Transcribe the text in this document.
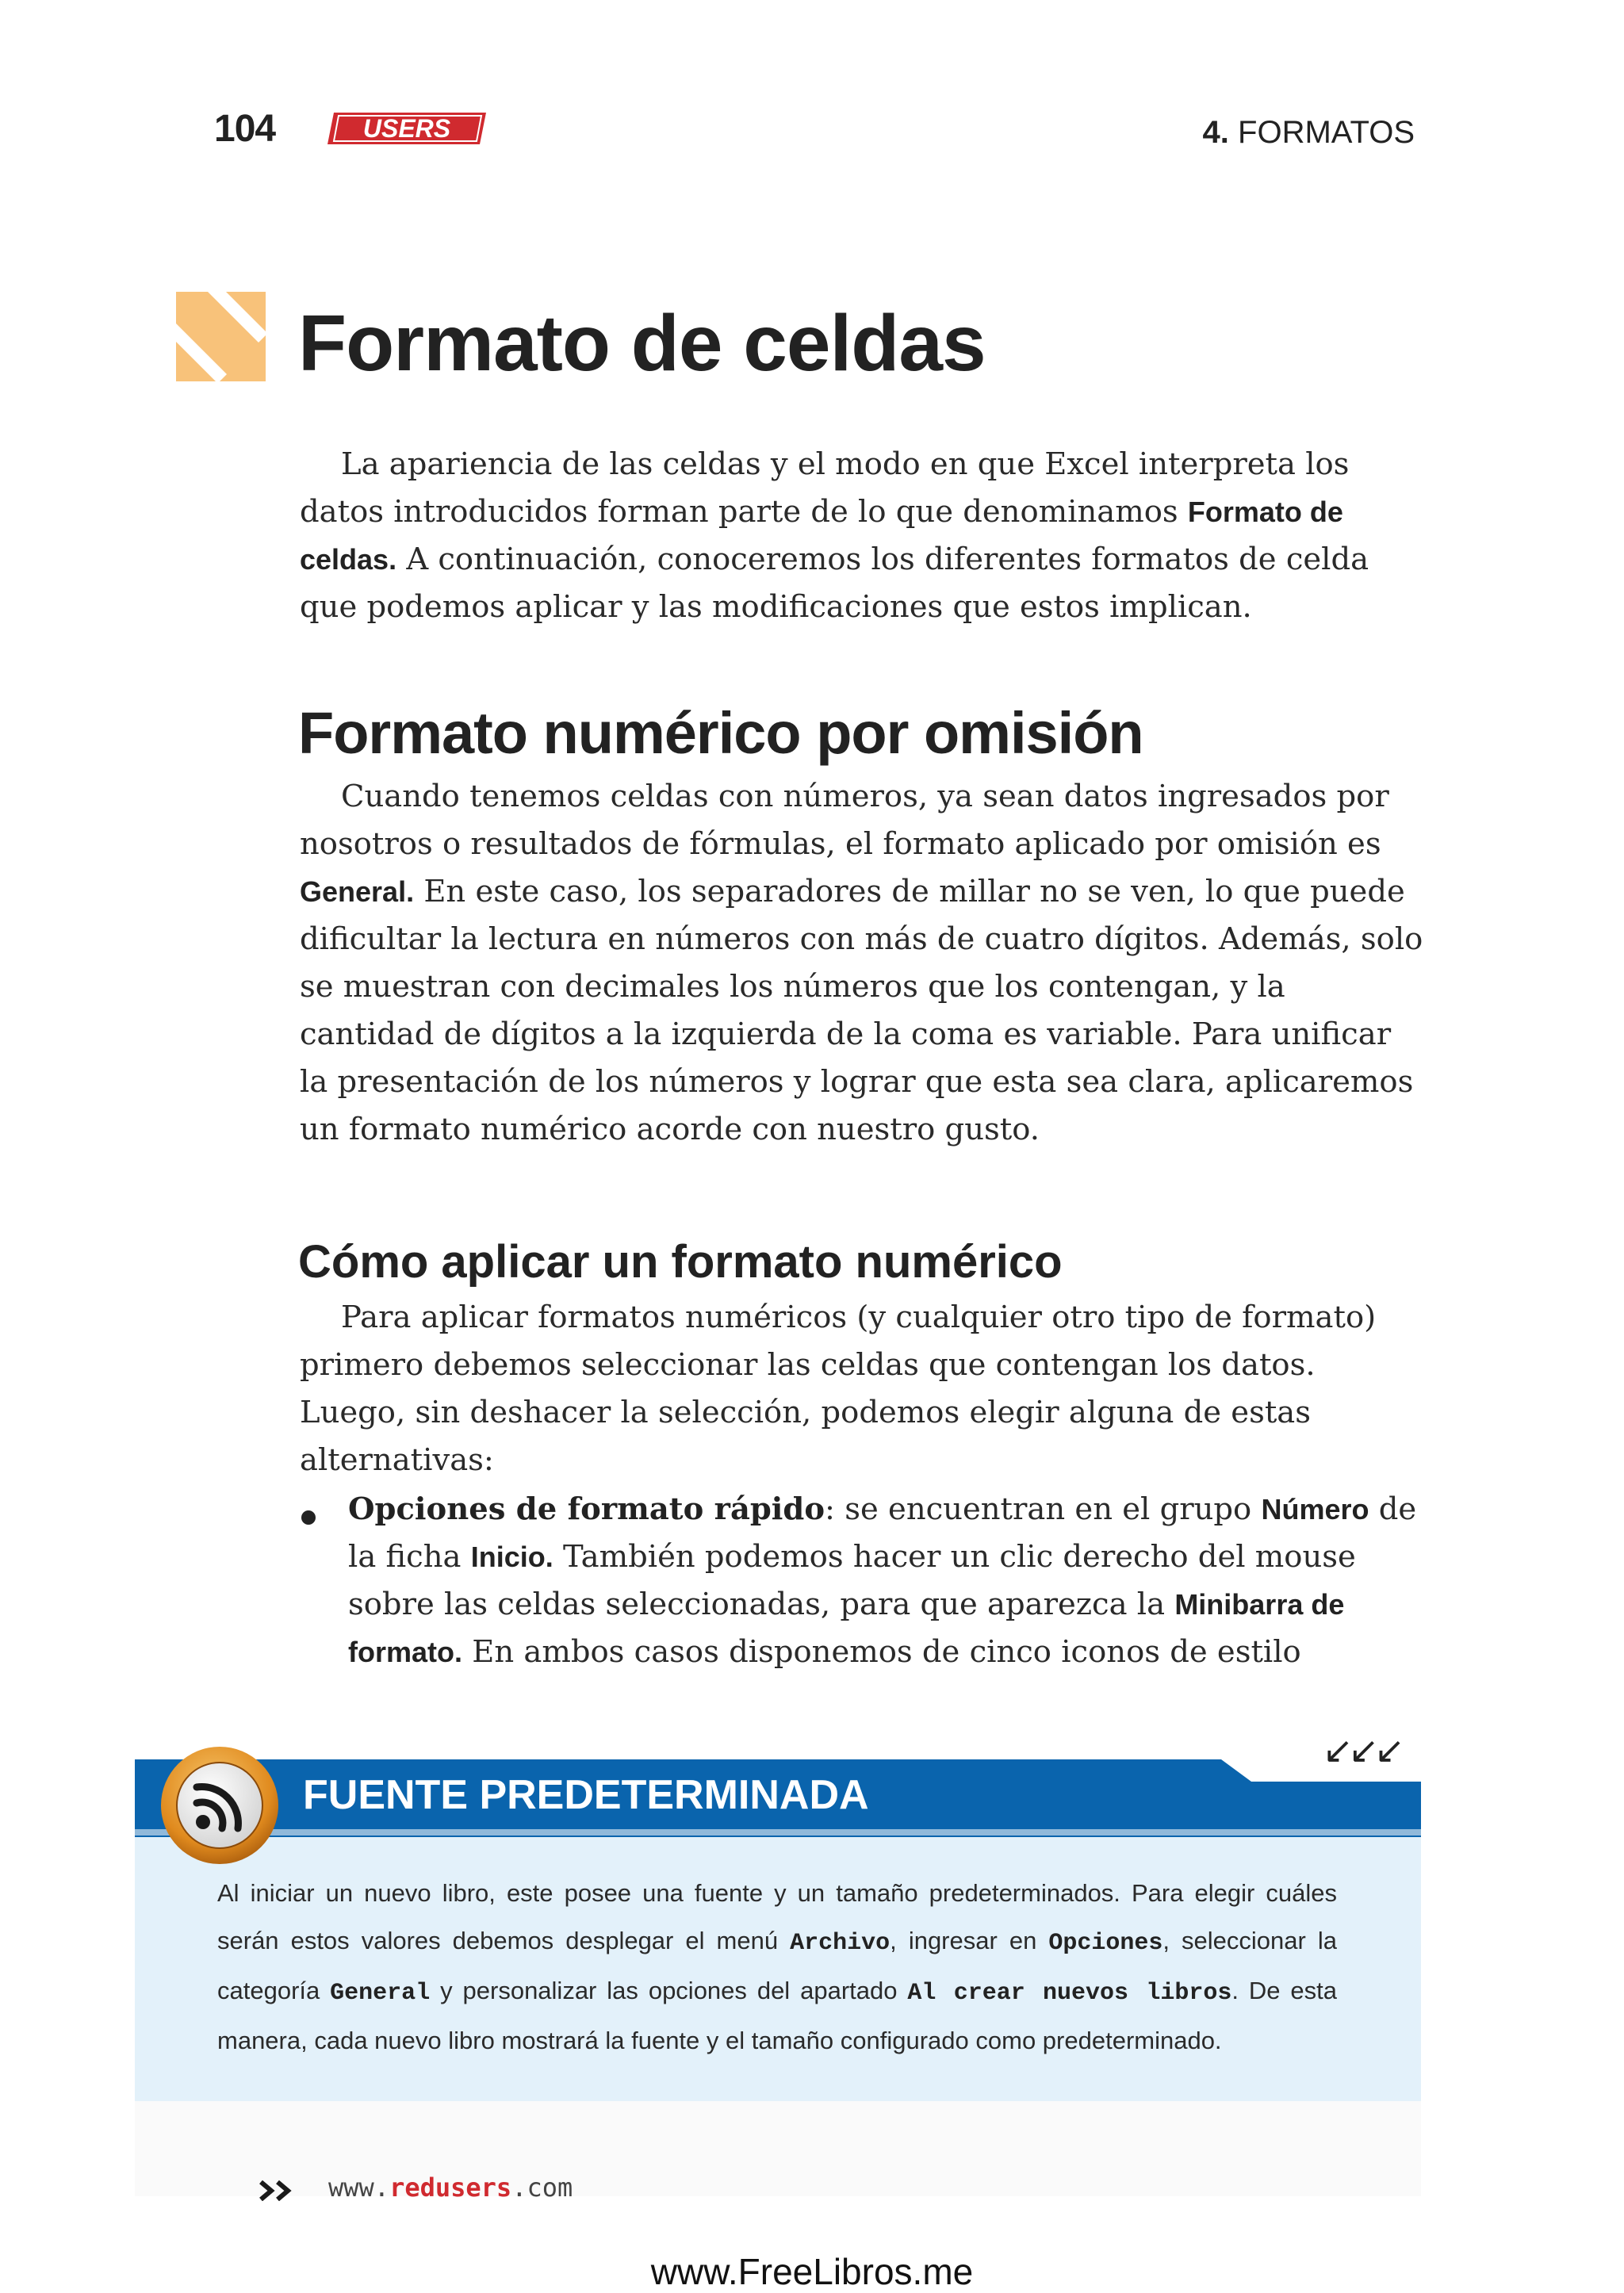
104	USERS	4. FORMATOS
Formato de celdas

La apariencia de las celdas y el modo en que Excel interpreta los datos introducidos forman parte de lo que denominamos Formato de celdas. A continuación, conoceremos los diferentes formatos de celda que podemos aplicar y las modificaciones que estos implican.

Formato numérico por omisión

Cuando tenemos celdas con números, ya sean datos ingresados por nosotros o resultados de fórmulas, el formato aplicado por omisión es General. En este caso, los separadores de millar no se ven, lo que puede dificultar la lectura en números con más de cuatro dígitos. Además, solo se muestran con decimales los números que los contengan, y la cantidad de dígitos a la izquierda de la coma es variable. Para unificar la presentación de los números y lograr que esta sea clara, aplicaremos un formato numérico acorde con nuestro gusto.

Cómo aplicar un formato numérico

Para aplicar formatos numéricos (y cualquier otro tipo de formato) primero debemos seleccionar las celdas que contengan los datos. Luego, sin deshacer la selección, podemos elegir alguna de estas alternativas:

Opciones de formato rápido: se encuentran en el grupo Número de la ficha Inicio. También podemos hacer un clic derecho del mouse sobre las celdas seleccionadas, para que aparezca la Minibarra de formato. En ambos casos disponemos de cinco iconos de estilo
↙↙↙
FUENTE PREDETERMINADA
Al iniciar un nuevo libro, este posee una fuente y un tamaño predeterminados. Para elegir cuáles serán estos valores debemos desplegar el menú Archivo, ingresar en Opciones, seleccionar la categoría General y personalizar las opciones del apartado Al crear nuevos libros. De esta manera, cada nuevo libro mostrará la fuente y el tamaño configurado como predeterminado.
www.redusers.com
www.FreeLibros.me
